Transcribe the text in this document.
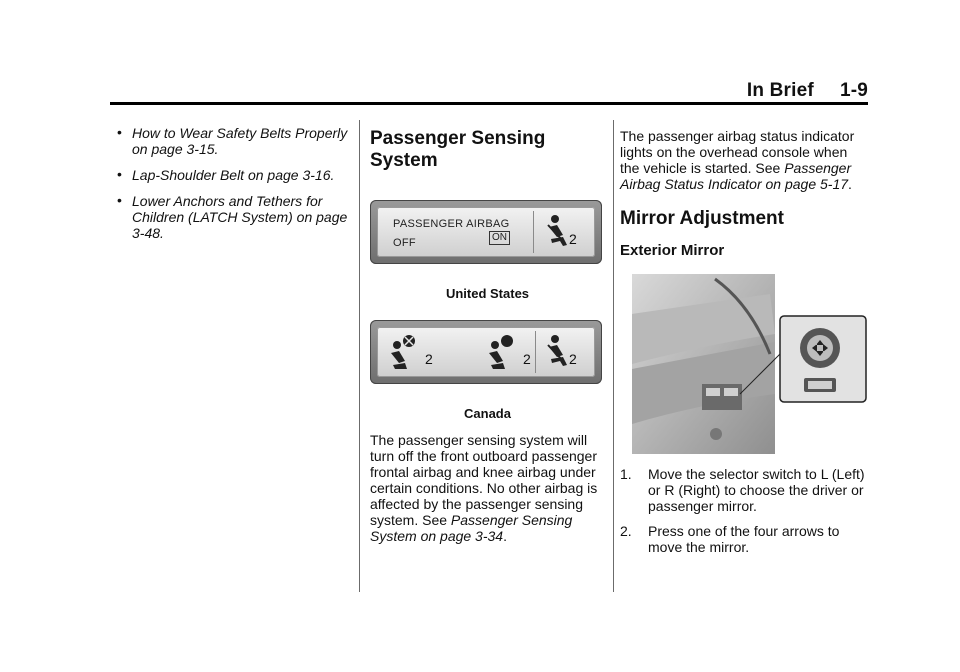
In Brief 1-9
• How to Wear Safety Belts Properly on page 3-15.
• Lap-Shoulder Belt on page 3-16.
• Lower Anchors and Tethers for Children (LATCH System) on page 3-48.
Passenger Sensing System
PASSENGER AIRBAG
OFF	ON	2
United States
2	2	2
Canada

The passenger sensing system will turn off the front outboard passenger frontal airbag and knee airbag under certain conditions. No other airbag is affected by the passenger sensing system. See Passenger Sensing System on page 3-34.

The passenger airbag status indicator lights on the overhead console when the vehicle is started. See Passenger Airbag Status Indicator on page 5-17.

Mirror Adjustment
Exterior Mirror
1. Move the selector switch to L (Left) or R (Right) to choose the driver or passenger mirror.
2. Press one of the four arrows to move the mirror.
